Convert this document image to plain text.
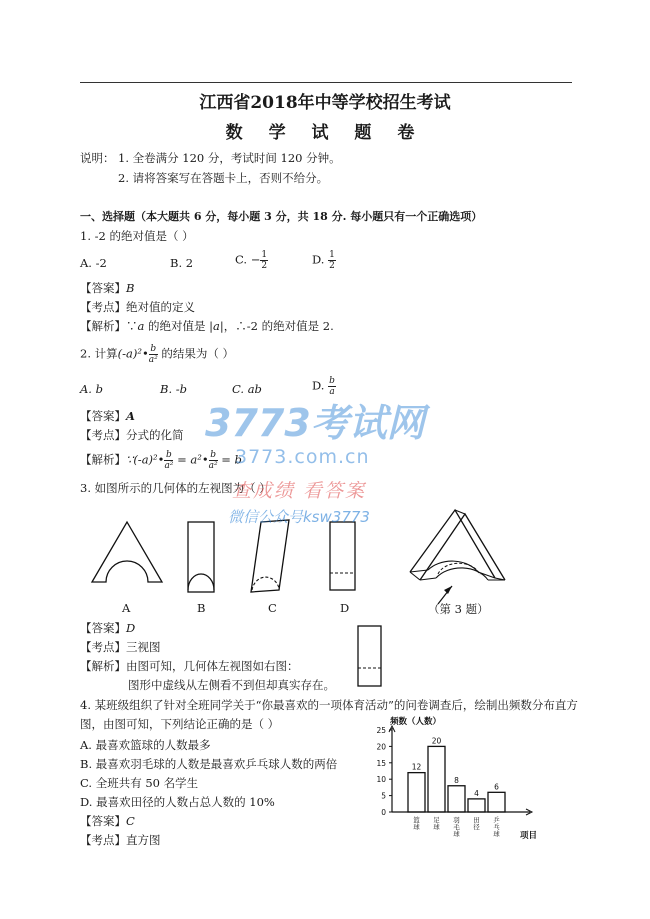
江西省2018年中等学校招生考试
数 学 试 题 卷
说明： 1. 全卷满分 120 分，考试时间 120 分钟。
2. 请将答案写在答题卡上，否则不给分。
一、选择题（本大题共 6 分，每小题 3 分，共 18 分. 每小题只有一个正确选项）
1. -2 的绝对值是（ ）
A. -2	B. 2	C. − $\frac{1}{2}$	D. $\frac{1}{2}$
【答案】B
【考点】绝对值的定义
【解析】∵a 的绝对值是 |a|，∴-2 的绝对值是 2.
2. 计算(-a)²• $\frac{b}{\text{a²}}$ 的结果为（ ）
A. b	B. -b	C. ab	D. $\frac{b}{a}$
【答案】A
【考点】分式的化简
【解析】∵(-a)²• $\frac{b}{\text{a²}}$ = a²• $\frac{b}{\text{a²}} = b$
3. 如图所示的几何体的左视图为（ ）
A	B	C	D	（第 3 题）
【答案】D
【考点】三视图
【解析】由图可知，几何体左视图如右图：
图形中虚线从左侧看不到但却真实存在。
4. 某班级组织了针对全班同学关于“你最喜欢的一项体育活动”的问卷调查后，绘制出频数分布直方
图，由图可知，下列结论正确的是（ ）
A. 最喜欢篮球的人数最多
B. 最喜欢羽毛球的人数是最喜欢乒乓球人数的两倍
C. 全班共有 50 名学生
D. 最喜欢田径的人数占总人数的 10%
【答案】C
【考点】直方图
频数（人数）
项目
0
5
10
15
20
25
12
20
8
4
6
篮球
足球
羽毛球
田径
乒乓球
3773考试网
3773.com.cn
查成绩 看答案
微信公众号ksw3773
